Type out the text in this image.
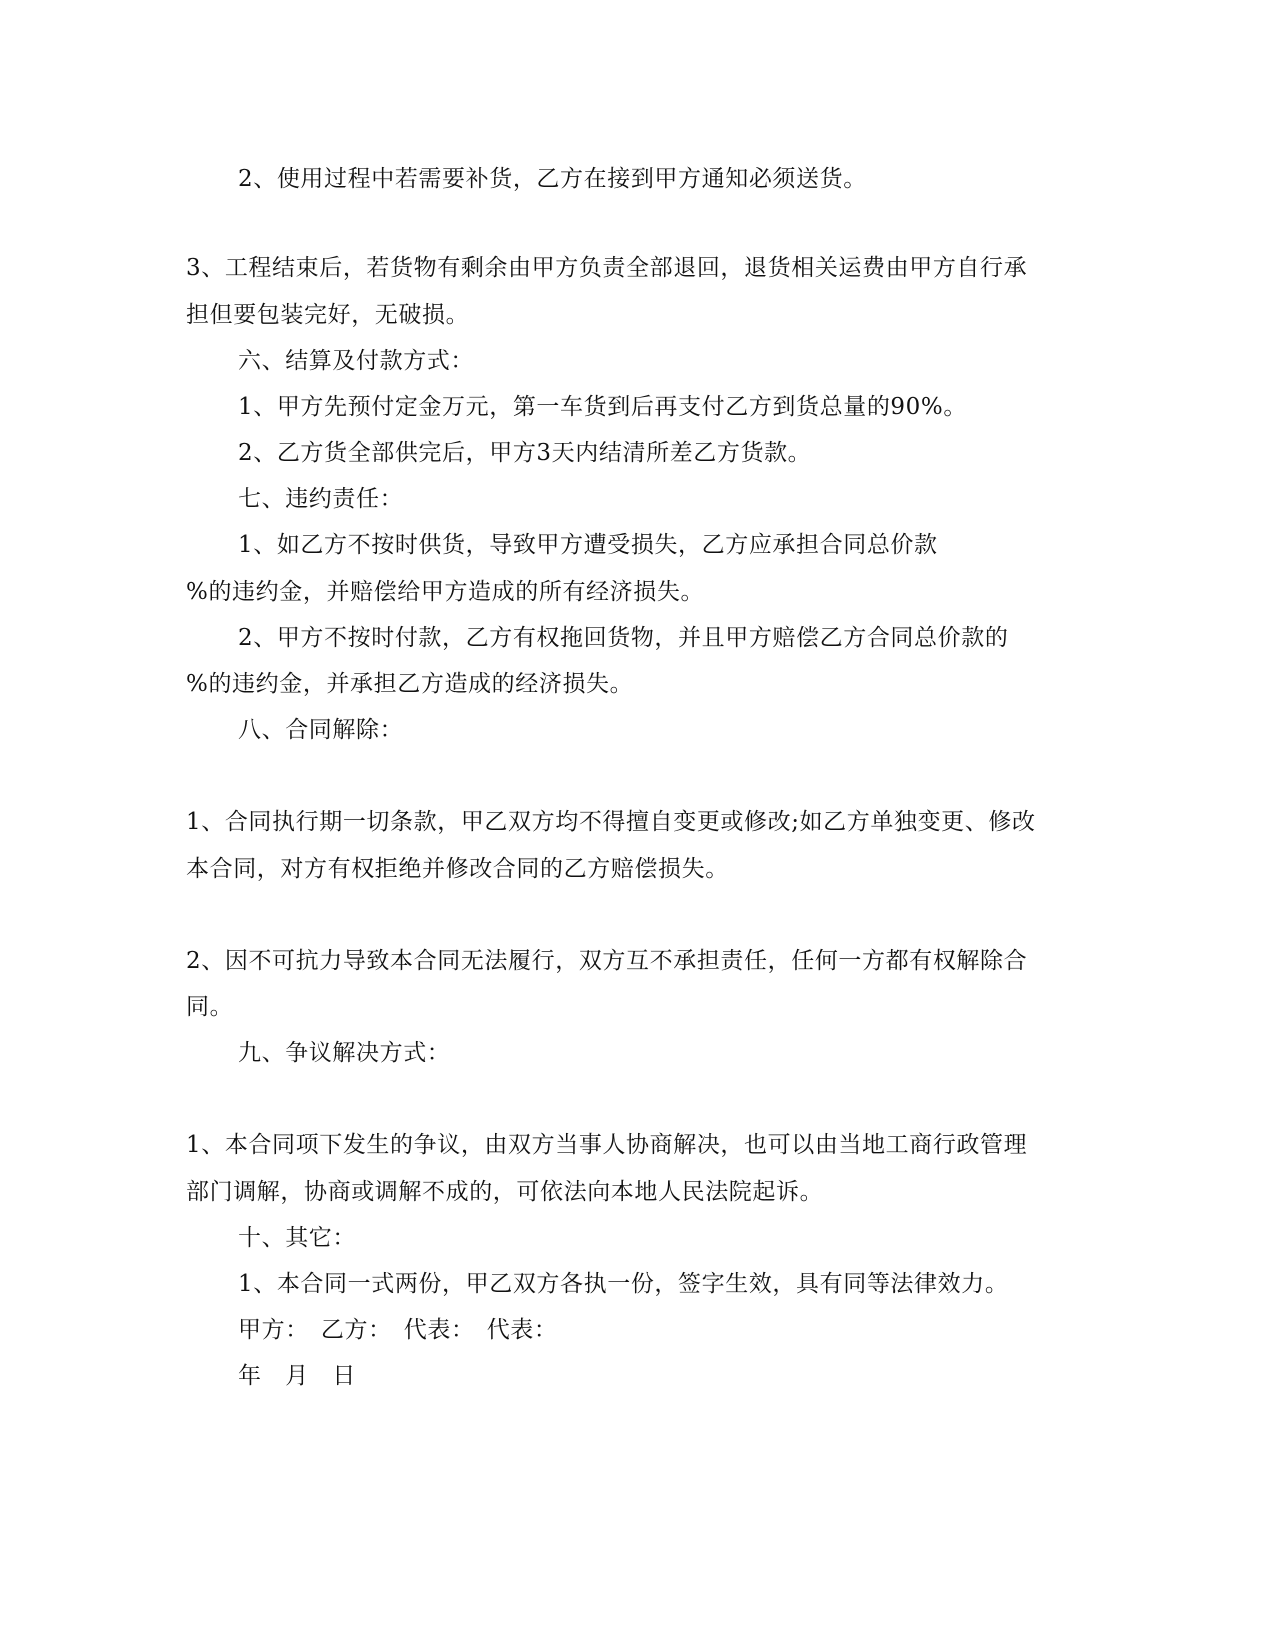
2、使用过程中若需要补货，乙方在接到甲方通知必须送货。
3、工程结束后，若货物有剩余由甲方负责全部退回，退货相关运费由甲方自行承
担但要包装完好，无破损。
六、结算及付款方式：
1、甲方先预付定金万元，第一车货到后再支付乙方到货总量的90%。
2、乙方货全部供完后，甲方3天内结清所差乙方货款。
七、违约责任：
1、如乙方不按时供货，导致甲方遭受损失，乙方应承担合同总价款
%的违约金，并赔偿给甲方造成的所有经济损失。
2、甲方不按时付款，乙方有权拖回货物，并且甲方赔偿乙方合同总价款的
%的违约金，并承担乙方造成的经济损失。
八、合同解除：
1、合同执行期一切条款，甲乙双方均不得擅自变更或修改;如乙方单独变更、修改
本合同，对方有权拒绝并修改合同的乙方赔偿损失。
2、因不可抗力导致本合同无法履行，双方互不承担责任，任何一方都有权解除合
同。
九、争议解决方式：
1、本合同项下发生的争议，由双方当事人协商解决，也可以由当地工商行政管理
部门调解，协商或调解不成的，可依法向本地人民法院起诉。
十、其它：
1、本合同一式两份，甲乙双方各执一份，签字生效，具有同等法律效力。
甲方：　乙方：　代表：　代表：
年　月　日
